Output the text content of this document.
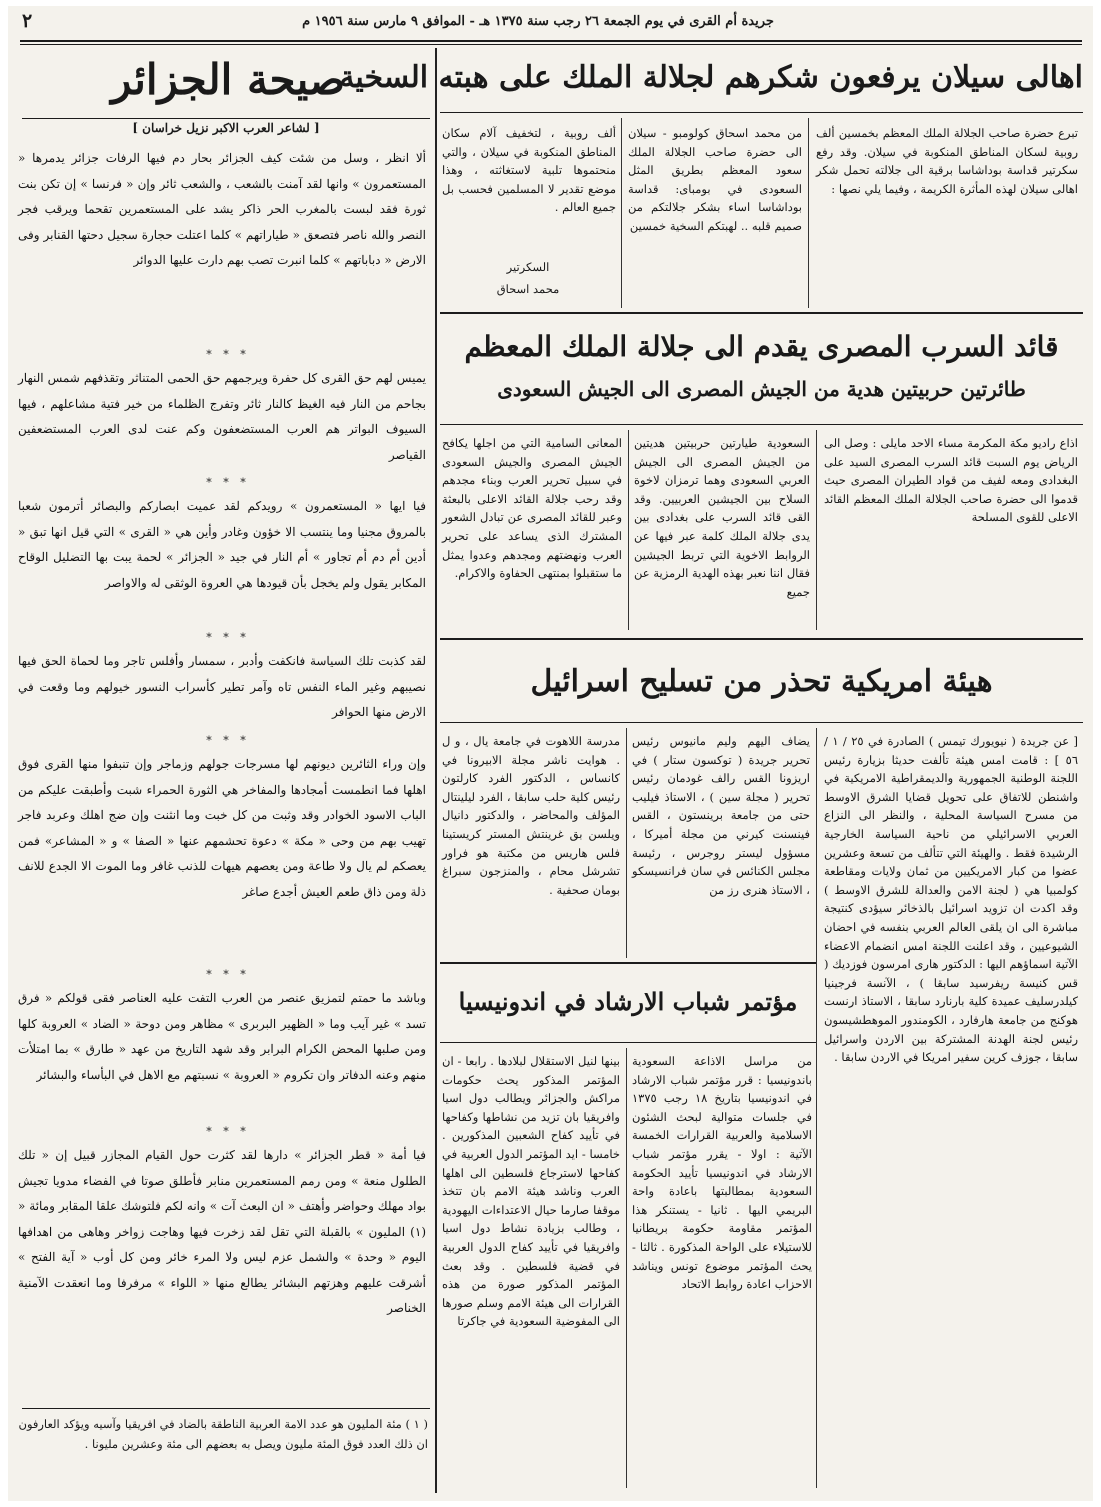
٢	جريدة أم القرى في يوم الجمعة ٢٦ رجب سنة ١٣٧٥ هـ - الموافق ٩ مارس سنة ١٩٥٦ م
صيحة الجزائر
[ لشاعر العرب الاكبر نزيل خراسان ]

ألا انظر ، وسل من شئت كيف الجزائر بحار دم فيها الرفات جزائر يدمرها « المستعمرون » وانها لقد آمنت بالشعب ، والشعب ثائر وإن « فرنسا » إن تكن بنت ثورة فقد لبست بالمغرب الحر ذاكر يشد على المستعمرين تقحما ويرقب فجر النصر والله ناصر فتصعق « طياراتهم » كلما اعتلت حجارة سجيل دحتها القنابر وفى الارض « دباباتهم » كلما انبرت تصب بهم دارت عليها الدوائر

* * *

يميس لهم حق القرى كل حفرة ويرجمهم حق الحمى المتناثر وتقذفهم شمس النهار بجاحم من النار فيه الغيظ كالنار ثائر وتفرج الظلماء من خير فتية مشاعلهم ، فيها السيوف البواتر هم العرب المستضعفون وكم عنت لدى العرب المستضعفين القياصر

* * *

فيا ايها « المستعمرون » رويدكم لقد عميت ابصاركم والبصائر أترمون شعبا بالمروق مجنيا وما ينتسب الا خؤون وغادر وأين هي « القرى » التي قيل انها تبق « أدين أم دم أم تجاور » أم النار في جيد « الجزائر » لحمة يبت بها التضليل الوقاح المكابر يقول ولم يخجل بأن قيودها هي العروة الوثقى له والاواصر

* * *

لقد كذبت تلك السياسة فانكفت وأدبر ، سمسار وأفلس تاجر وما لحماة الحق فيها نصيبهم وغير الماء النفس تاه وآمر تطير كأسراب النسور خيولهم وما وقعت في الارض منها الحوافر

* * *

وإن وراء الثائرين ديونهم لها مسرجات جولهم وزماجر وإن تنبفوا منها القرى فوق اهلها فما انطمست أمجادها والمفاخر هي الثورة الحمراء شبت وأطبقت عليكم من الباب الاسود الخوادر وقد وثبت من كل خبت وما انثنت وإن ضج اهلك وعربد فاجر تهيب بهم من وحى « مكة » دعوة تحشمهم عنها « الصفا » و « المشاعر» فمن يعصكم لم يال ولا طاعة ومن يعصهم هيهات للذنب غافر وما الموت الا الجدع للانف ذلة ومن ذاق طعم العيش أجدع صاغر

* * *

وباشد ما حمتم لتمزيق عنصر من العرب التفت عليه العناصر فقى قولكم « فرق تسد » غير آيب وما « الظهير البربرى » مظاهر ومن دوحة « الضاد » العروبة كلها ومن صلبها المحض الكرام البرابر وقد شهد التاريخ من عهد « طارق » بما امتلأت منهم وعنه الدفاتر وان تكروم « العروبة » نسبتهم مع الاهل في البأساء والبشائر

* * *

فيا أمة « قطر الجزائر » دارها لقد كثرت حول القيام المجازر قبيل إن « تلك الطلول منعة » ومن رمم المستعمرين منابر فأطلق صوتا في الفضاء مدويا تجيش بواد مهلك وحواضر وأهتف « ان البعث آت » وانه لكم فلتوشك علقا المقابر ومائة « (١) المليون » بالقبلة التي تقل لقد زخرت فيها وهاجت زواخر وهاهى من اهدافها اليوم « وحدة » والشمل عزم ليس ولا المرء خائر ومن كل أوب « آية الفتح » أشرقت عليهم وهزتهم البشائر يطالع منها « اللواء » مرفرفا وما انعقدت الآمنية الخناصر

( ١ ) مئة المليون هو عدد الامة العربية الناطقة بالضاد في افريقيا وآسيه ويؤكد العارفون ان ذلك العدد فوق المئة مليون ويصل به بعضهم الى مئة وعشرين مليونا .
اهالى سيلان يرفعون شكرهم لجلالة الملك على هبته السخية

تبرع حضرة صاحب الجلالة الملك المعظم بخمسين ألف روبية لسكان المناطق المنكوبة في سيلان. وقد رفع سكرتير قداسة بوداشاسا برقية الى جلالته تحمل شكر اهالى سيلان لهذه المأثرة الكريمة ، وفيما يلي نصها :

من محمد اسحاق كولومبو - سيلان الى حضرة صاحب الجلالة الملك سعود المعظم بطريق المثل السعودى في بومباى: قداسة بوداشاسا اساء بشكر جلالتكم من صميم قلبه .. لهبتكم السخية خمسين

ألف روبية ، لتخفيف آلام سكان المناطق المنكوبة في سيلان ، والتي منحتموها تلبية لاستغاثته ، وهذا موضع تقدير لا المسلمين فحسب بل جميع العالم .

السكرتير
محمد اسحاق
قائد السرب المصرى يقدم الى جلالة الملك المعظم
طائرتين حربيتين هدية من الجيش المصرى الى الجيش السعودى

اذاع راديو مكة المكرمة مساء الاحد مايلى : وصل الى الرياض يوم السبت قائد السرب المصرى السيد على البغدادى ومعه لفيف من قواد الطيران المصرى حيث قدموا الى حضرة صاحب الجلالة الملك المعظم القائد الاعلى للقوى المسلحة

السعودية طيارتين حربيتين هديتين من الجيش المصرى الى الجيش العربي السعودى وهما ترمزان لاخوة السلاح بين الجيشين العربيين. وقد القى قائد السرب على بغدادى بين يدى جلالة الملك كلمة عبر فيها عن الروابط الاخوية التي تربط الجيشين فقال اننا نعبر بهذه الهدية الرمزية عن جميع

المعانى السامية التي من اجلها يكافح الجيش المصرى والجيش السعودى في سبيل تحرير العرب وبناء مجدهم وقد رحب جلالة القائد الاعلى بالبعثة وعبر للقائد المصرى عن تبادل الشعور المشترك الذى يساعد على تحرير العرب ونهضتهم ومجدهم وعدوا يمثل ما ستقبلوا بمنتهى الحفاوة والاكرام.

هيئة امريكية تحذر من تسليح اسرائيل

[ عن جريدة ( نيويورك تيمس ) الصادرة في ٢٥ / ١ / ٥٦ ] : قامت امس هيئة تألفت حديثا بزيارة رئيس اللجنة الوطنية الجمهورية والديمقراطية الامريكية في واشنطن للاتفاق على تحويل قضايا الشرق الاوسط من مسرح السياسة المحلية ، والنظر الى النزاع العربي الاسرائيلي من ناحية السياسة الخارجية الرشيدة فقط . والهيئة التي تتألف من تسعة وعشرين عضوا من كبار الامريكيين من ثمان ولايات ومقاطعة كولمبيا هي ( لجنة الامن والعدالة للشرق الاوسط ) وقد اكدت ان تزويد اسرائيل بالذخائر سيؤدى كنتيجة مباشرة الى ان يلقى العالم العربي بنفسه في احضان الشيوعيين ، وقد اعلنت اللجنة امس انضمام الاعضاء الآتية اسماؤهم اليها : الدكتور هارى امرسون فوزديك ( قس كنيسة ريفرسيد سابقا ) ، الآنسة فرجينيا كيلدرسليف عميدة كلية بارنارد سابقا ، الاستاذ ارنست هوكنج من جامعة هارفارد ، الكومندور الموهطشيسون رئيس لجنة الهدنة المشتركة بين الاردن واسرائيل سابقا ، جوزف كرين سفير امريكا في الاردن سابقا .

يضاف اليهم وليم مانيوس رئيس تحرير جريدة ( توكسون ستار ) في اريزونا القس رالف غودمان رئيس تحرير ( مجلة سين ) ، الاستاذ فيليب حتى من جامعة برينستون ، القس فينسنت كيرني من مجلة أميركا ، مسؤول ليستر روجرس ، رئيسة مجلس الكنائس في سان فرانسيسكو ، الاستاذ هنرى رز من

مدرسة اللاهوت في جامعة يال ، و ل . هوايت ناشر مجلة الابيرونا في كانساس ، الدكتور الفرد كارلتون رئيس كلية حلب سابقا ، الفرد ليلينتال المؤلف والمحاضر ، والدكتور دانيال ويلسن بق غرينتش المستر كريستينا فلس هاريس من مكتبة هو فراور تشرشل محام ، والمنزجون سبراغ بومان صحفية .

مؤتمر شباب الارشاد في اندونيسيا

من مراسل الاذاعة السعودية باندونيسيا : قرر مؤتمر شباب الارشاد في اندونيسيا بتاريخ ١٨ رجب ١٣٧٥ في جلسات متوالية لبحث الشئون الاسلامية والعربية القرارات الخمسة الآتية : اولا - يقرر مؤتمر شباب الارشاد في اندونيسيا تأييد الحكومة السعودية بمطالبتها باعادة واحة البريمي اليها . ثانيا - يستنكر هذا المؤتمر مقاومة حكومة بريطانيا للاستيلاء على الواحة المذكورة . ثالثا - يحث المؤتمر موضوع تونس ويناشد الاحزاب اعادة روابط الاتحاد

بينها لنيل الاستقلال لبلادها . رابعا - ان المؤتمر المذكور يحث حكومات مراكش والجزائر ويطالب دول اسيا وافريقيا بان تزيد من نشاطها وكفاحها في تأييد كفاح الشعبين المذكورين . خامسا - ايد المؤتمر الدول العربية في كفاحها لاسترجاع فلسطين الى اهلها العرب وناشد هيئة الامم بان تتخذ موقفا صارما حيال الاعتداءات اليهودية ، وطالب بزيادة نشاط دول اسيا وافريقيا في تأييد كفاح الدول العربية في قضية فلسطين . وقد بعث المؤتمر المذكور صورة من هذه القرارات الى هيئة الامم وسلم صورها الى المفوضية السعودية في جاكرتا
